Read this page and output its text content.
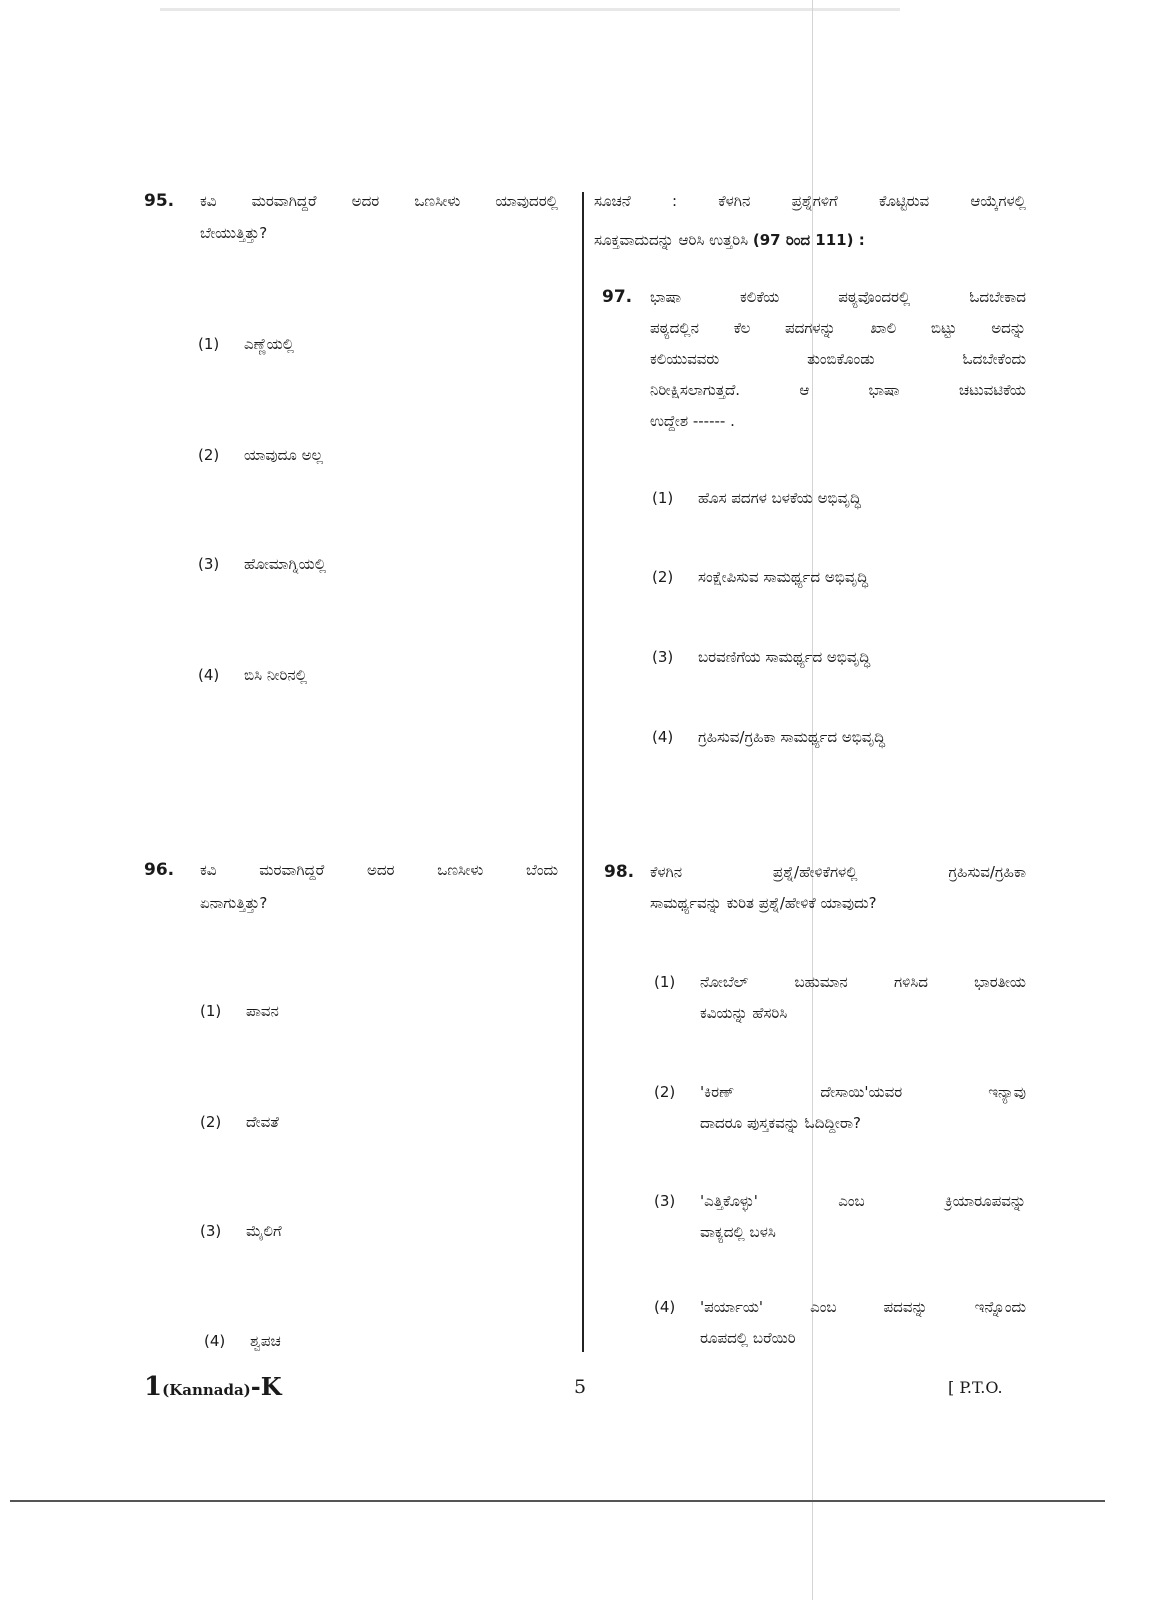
95. ಕವಿ ಮರವಾಗಿದ್ದರೆ ಅದರ ಒಣಸೀಳು ಯಾವುದರಲ್ಲಿ
ಬೇಯುತ್ತಿತ್ತು?
(1) ಎಣ್ಣೆಯಲ್ಲಿ
(2) ಯಾವುದೂ ಅಲ್ಲ
(3) ಹೋಮಾಗ್ನಿಯಲ್ಲಿ
(4) ಬಿಸಿ ನೀರಿನಲ್ಲಿ
96. ಕವಿ ಮರವಾಗಿದ್ದರೆ ಅದರ ಒಣಸೀಳು ಬೆಂದು
ಏನಾಗುತ್ತಿತ್ತು?
(1) ಪಾವನ
(2) ದೇವತೆ
(3) ಮೈಲಿಗೆ
(4) ಶ್ವಪಚ
ಸೂಚನೆ : ಕೆಳಗಿನ ಪ್ರಶ್ನೆಗಳಿಗೆ ಕೊಟ್ಟಿರುವ ಆಯ್ಕೆಗಳಲ್ಲಿ
ಸೂಕ್ತವಾದುದನ್ನು ಆರಿಸಿ ಉತ್ತರಿಸಿ (97 ರಿಂದ 111) :
97. ಭಾಷಾ ಕಲಿಕೆಯ ಪಠ್ಯವೊಂದರಲ್ಲಿ ಓದಬೇಕಾದ
ಪಠ್ಯದಲ್ಲಿನ ಕೆಲ ಪದಗಳನ್ನು ಖಾಲಿ ಬಿಟ್ಟು ಅದನ್ನು
ಕಲಿಯುವವರು ತುಂಬಿಕೊಂಡು ಓದಬೇಕೆಂದು
ನಿರೀಕ್ಷಿಸಲಾಗುತ್ತದೆ. ಆ ಭಾಷಾ ಚಟುವಟಿಕೆಯ
ಉದ್ದೇಶ ------ .
(1) ಹೊಸ ಪದಗಳ ಬಳಕೆಯ ಅಭಿವೃದ್ಧಿ
(2) ಸಂಕ್ಷೇಪಿಸುವ ಸಾಮರ್ಥ್ಯದ ಅಭಿವೃದ್ಧಿ
(3) ಬರವಣಿಗೆಯ ಸಾಮರ್ಥ್ಯದ ಅಭಿವೃದ್ಧಿ
(4) ಗ್ರಹಿಸುವ/ಗ್ರಹಿಕಾ ಸಾಮರ್ಥ್ಯದ ಅಭಿವೃದ್ಧಿ
98. ಕೆಳಗಿನ ಪ್ರಶ್ನೆ/ಹೇಳಿಕೆಗಳಲ್ಲಿ ಗ್ರಹಿಸುವ/ಗ್ರಹಿಕಾ
ಸಾಮರ್ಥ್ಯವನ್ನು ಕುರಿತ ಪ್ರಶ್ನೆ/ಹೇಳಿಕೆ ಯಾವುದು?
(1) ನೋಬೆಲ್ ಬಹುಮಾನ ಗಳಿಸಿದ ಭಾರತೀಯ
ಕವಿಯನ್ನು ಹೆಸರಿಸಿ
(2) 'ಕಿರಣ್ ದೇಸಾಯಿ'ಯವರ ಇನ್ಯಾವು
ದಾದರೂ ಪುಸ್ತಕವನ್ನು ಓದಿದ್ದೀರಾ?
(3) 'ಎತ್ತಿಕೊಳ್ಳು' ಎಂಬ ಕ್ರಿಯಾರೂಪವನ್ನು
ವಾಕ್ಯದಲ್ಲಿ ಬಳಸಿ
(4) 'ಪರ್ಯಾಯ' ಎಂಬ ಪದವನ್ನು ಇನ್ನೊಂದು
ರೂಪದಲ್ಲಿ ಬರೆಯಿರಿ
1(Kannada)-K	5	[ P.T.O.
